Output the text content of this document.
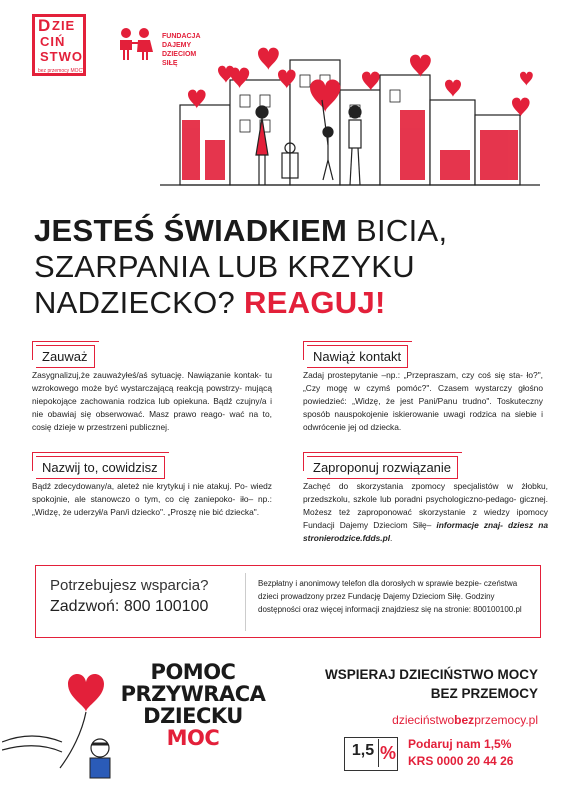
D ZIE
CIŃ
STWO
bez przemocy MOCY
FUNDACJA
DAJEMY
DZIECIOM
SIŁĘ
JESTEŚ ŚWIADKIEM BICIA,
SZARPANIA LUB KRZYKU
NADZIECKO? REAGUJ!
Zauważ
Zasygnalizuj,że zauważyłeś/aś sytuację. Nawiązanie kontak- tu wzrokowego może być wystarczającą reakcją powstrzy- mującą niepokojące zachowania rodzica lub opiekuna. Bądź czujny/a i nie obawiaj się obserwować. Masz prawo reago- wać na to, cosię dzieje w przestrzeni publicznej.
Nawiąż kontakt
Zadaj prostepytanie –np.: „Przepraszam, czy coś się sta- ło?", „Czy mogę w czymś pomóc?". Czasem wystarczy głośno powiedzieć: „Widzę, że jest Pani/Panu trudno". Toskuteczny sposób nauspokojenie iskierowanie uwagi rodzica na siebie i odwrócenie jej od dziecka.
Nazwij to, cowidzisz
Bądź zdecydowany/a, aleteż nie krytykuj i nie atakuj. Po- wiedz spokojnie, ale stanowczo o tym, co cię zaniepoko- iło– np.: „Widzę, że uderzył/a Pan/i dziecko". „Proszę nie bić dziecka".
Zaproponuj rozwiązanie
Zachęć do skorzystania zpomocy specjalistów w żłobku, przedszkolu, szkole lub poradni psychologiczno-pedago- gicznej. Możesz też zaproponować skorzystanie z wiedzy ipomocy Fundacji Dajemy Dzieciom Siłę– informacje znaj- dziesz na stronierodzice.fdds.pl.
Potrzebujesz wsparcia?
Zadzwoń: 800 100100
Bezpłatny i anonimowy telefon dla dorosłych w sprawie bezpie- czeństwa dzieci prowadzony przez Fundację Dajemy Dzieciom Siłę. Godziny dostępności oraz więcej informacji znajdziesz się na stronie: 800100100.pl
POMOC
PRZYWRACA
DZIECKU
MOC
WSPIERAJ DZIECIŃSTWO MOCY
BEZ PRZEMOCY
dzieciństwobezprzemocy.pl
1,5 % Podaruj nam 1,5%
KRS 0000 20 44 26
